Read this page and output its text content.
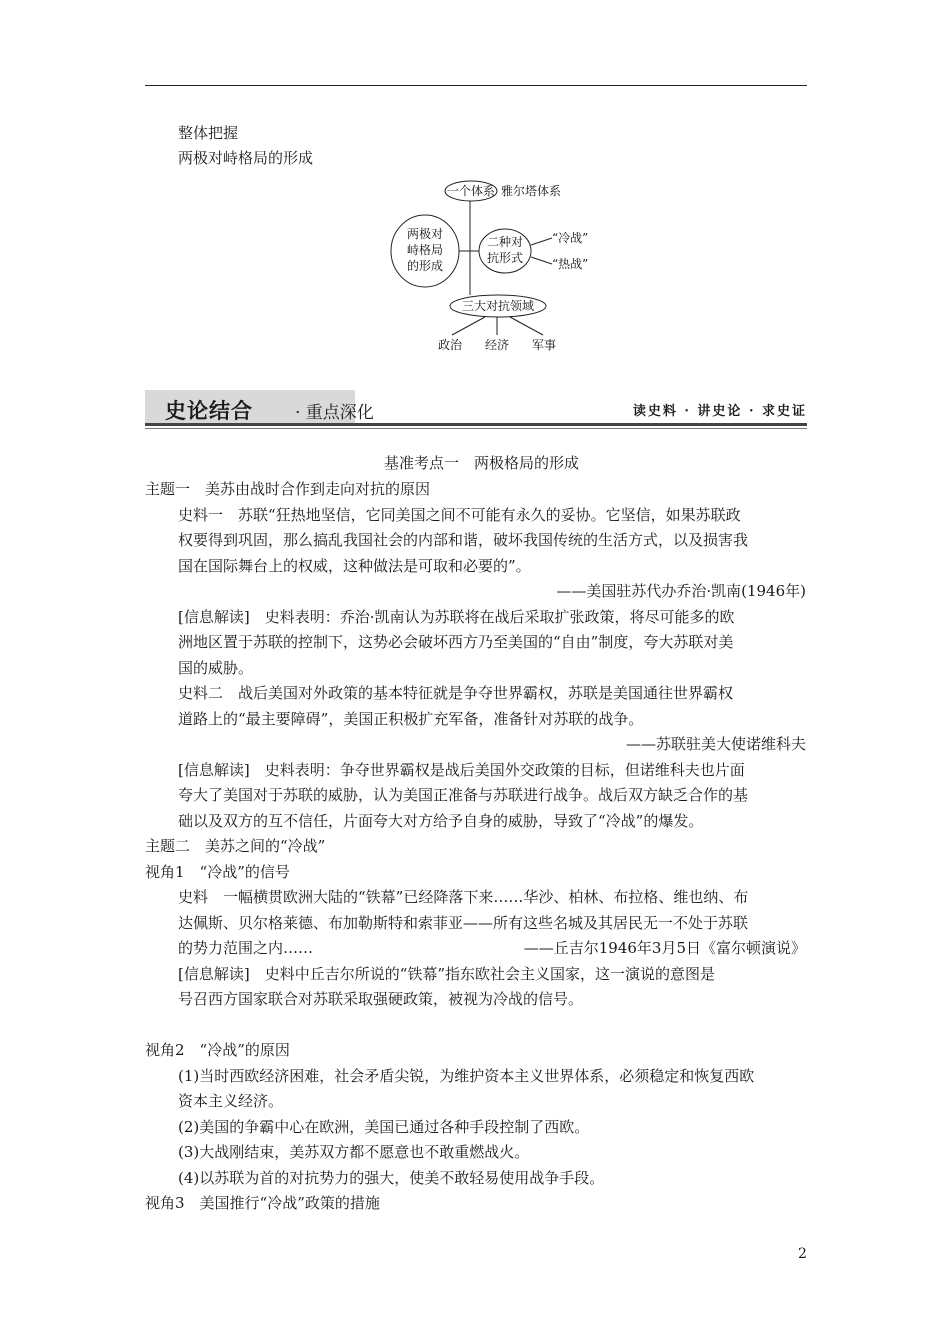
整体把握
两极对峙格局的形成
两极对
峙格局
的形成
一个体系 雅尔塔体系
二种对
抗形式
“冷战”
“热战”
三大对抗领域
政治 经济 军事
史论结合 · 重点深化	读史料 · 讲史论 · 求史证
基准考点一　两极格局的形成
主题一　美苏由战时合作到走向对抗的原因
史料一　苏联“狂热地坚信，它同美国之间不可能有永久的妥协。它坚信，如果苏联政
权要得到巩固，那么搞乱我国社会的内部和谐，破坏我国传统的生活方式，以及损害我
国在国际舞台上的权威，这种做法是可取和必要的”。
——美国驻苏代办乔治·凯南(1946年)
[信息解读]　史料表明：乔治·凯南认为苏联将在战后采取扩张政策，将尽可能多的欧
洲地区置于苏联的控制下，这势必会破坏西方乃至美国的“自由”制度，夸大苏联对美
国的威胁。
史料二　战后美国对外政策的基本特征就是争夺世界霸权，苏联是美国通往世界霸权
道路上的“最主要障碍”，美国正积极扩充军备，准备针对苏联的战争。
——苏联驻美大使诺维科夫
[信息解读]　史料表明：争夺世界霸权是战后美国外交政策的目标，但诺维科夫也片面
夸大了美国对于苏联的威胁，认为美国正准备与苏联进行战争。战后双方缺乏合作的基
础以及双方的互不信任，片面夸大对方给予自身的威胁，导致了“冷战”的爆发。
主题二　美苏之间的“冷战”
视角1　“冷战”的信号
史料　一幅横贯欧洲大陆的“铁幕”已经降落下来……华沙、柏林、布拉格、维也纳、布
达佩斯、贝尔格莱德、布加勒斯特和索菲亚——所有这些名城及其居民无一不处于苏联
的势力范围之内……	——丘吉尔1946年3月5日《富尔顿演说》
[信息解读]　史料中丘吉尔所说的“铁幕”指东欧社会主义国家，这一演说的意图是
号召西方国家联合对苏联采取强硬政策，被视为冷战的信号。
视角2　“冷战”的原因
(1)当时西欧经济困难，社会矛盾尖锐，为维护资本主义世界体系，必须稳定和恢复西欧
资本主义经济。
(2)美国的争霸中心在欧洲，美国已通过各种手段控制了西欧。
(3)大战刚结束，美苏双方都不愿意也不敢重燃战火。
(4)以苏联为首的对抗势力的强大，使美不敢轻易使用战争手段。
视角3　美国推行“冷战”政策的措施
2
